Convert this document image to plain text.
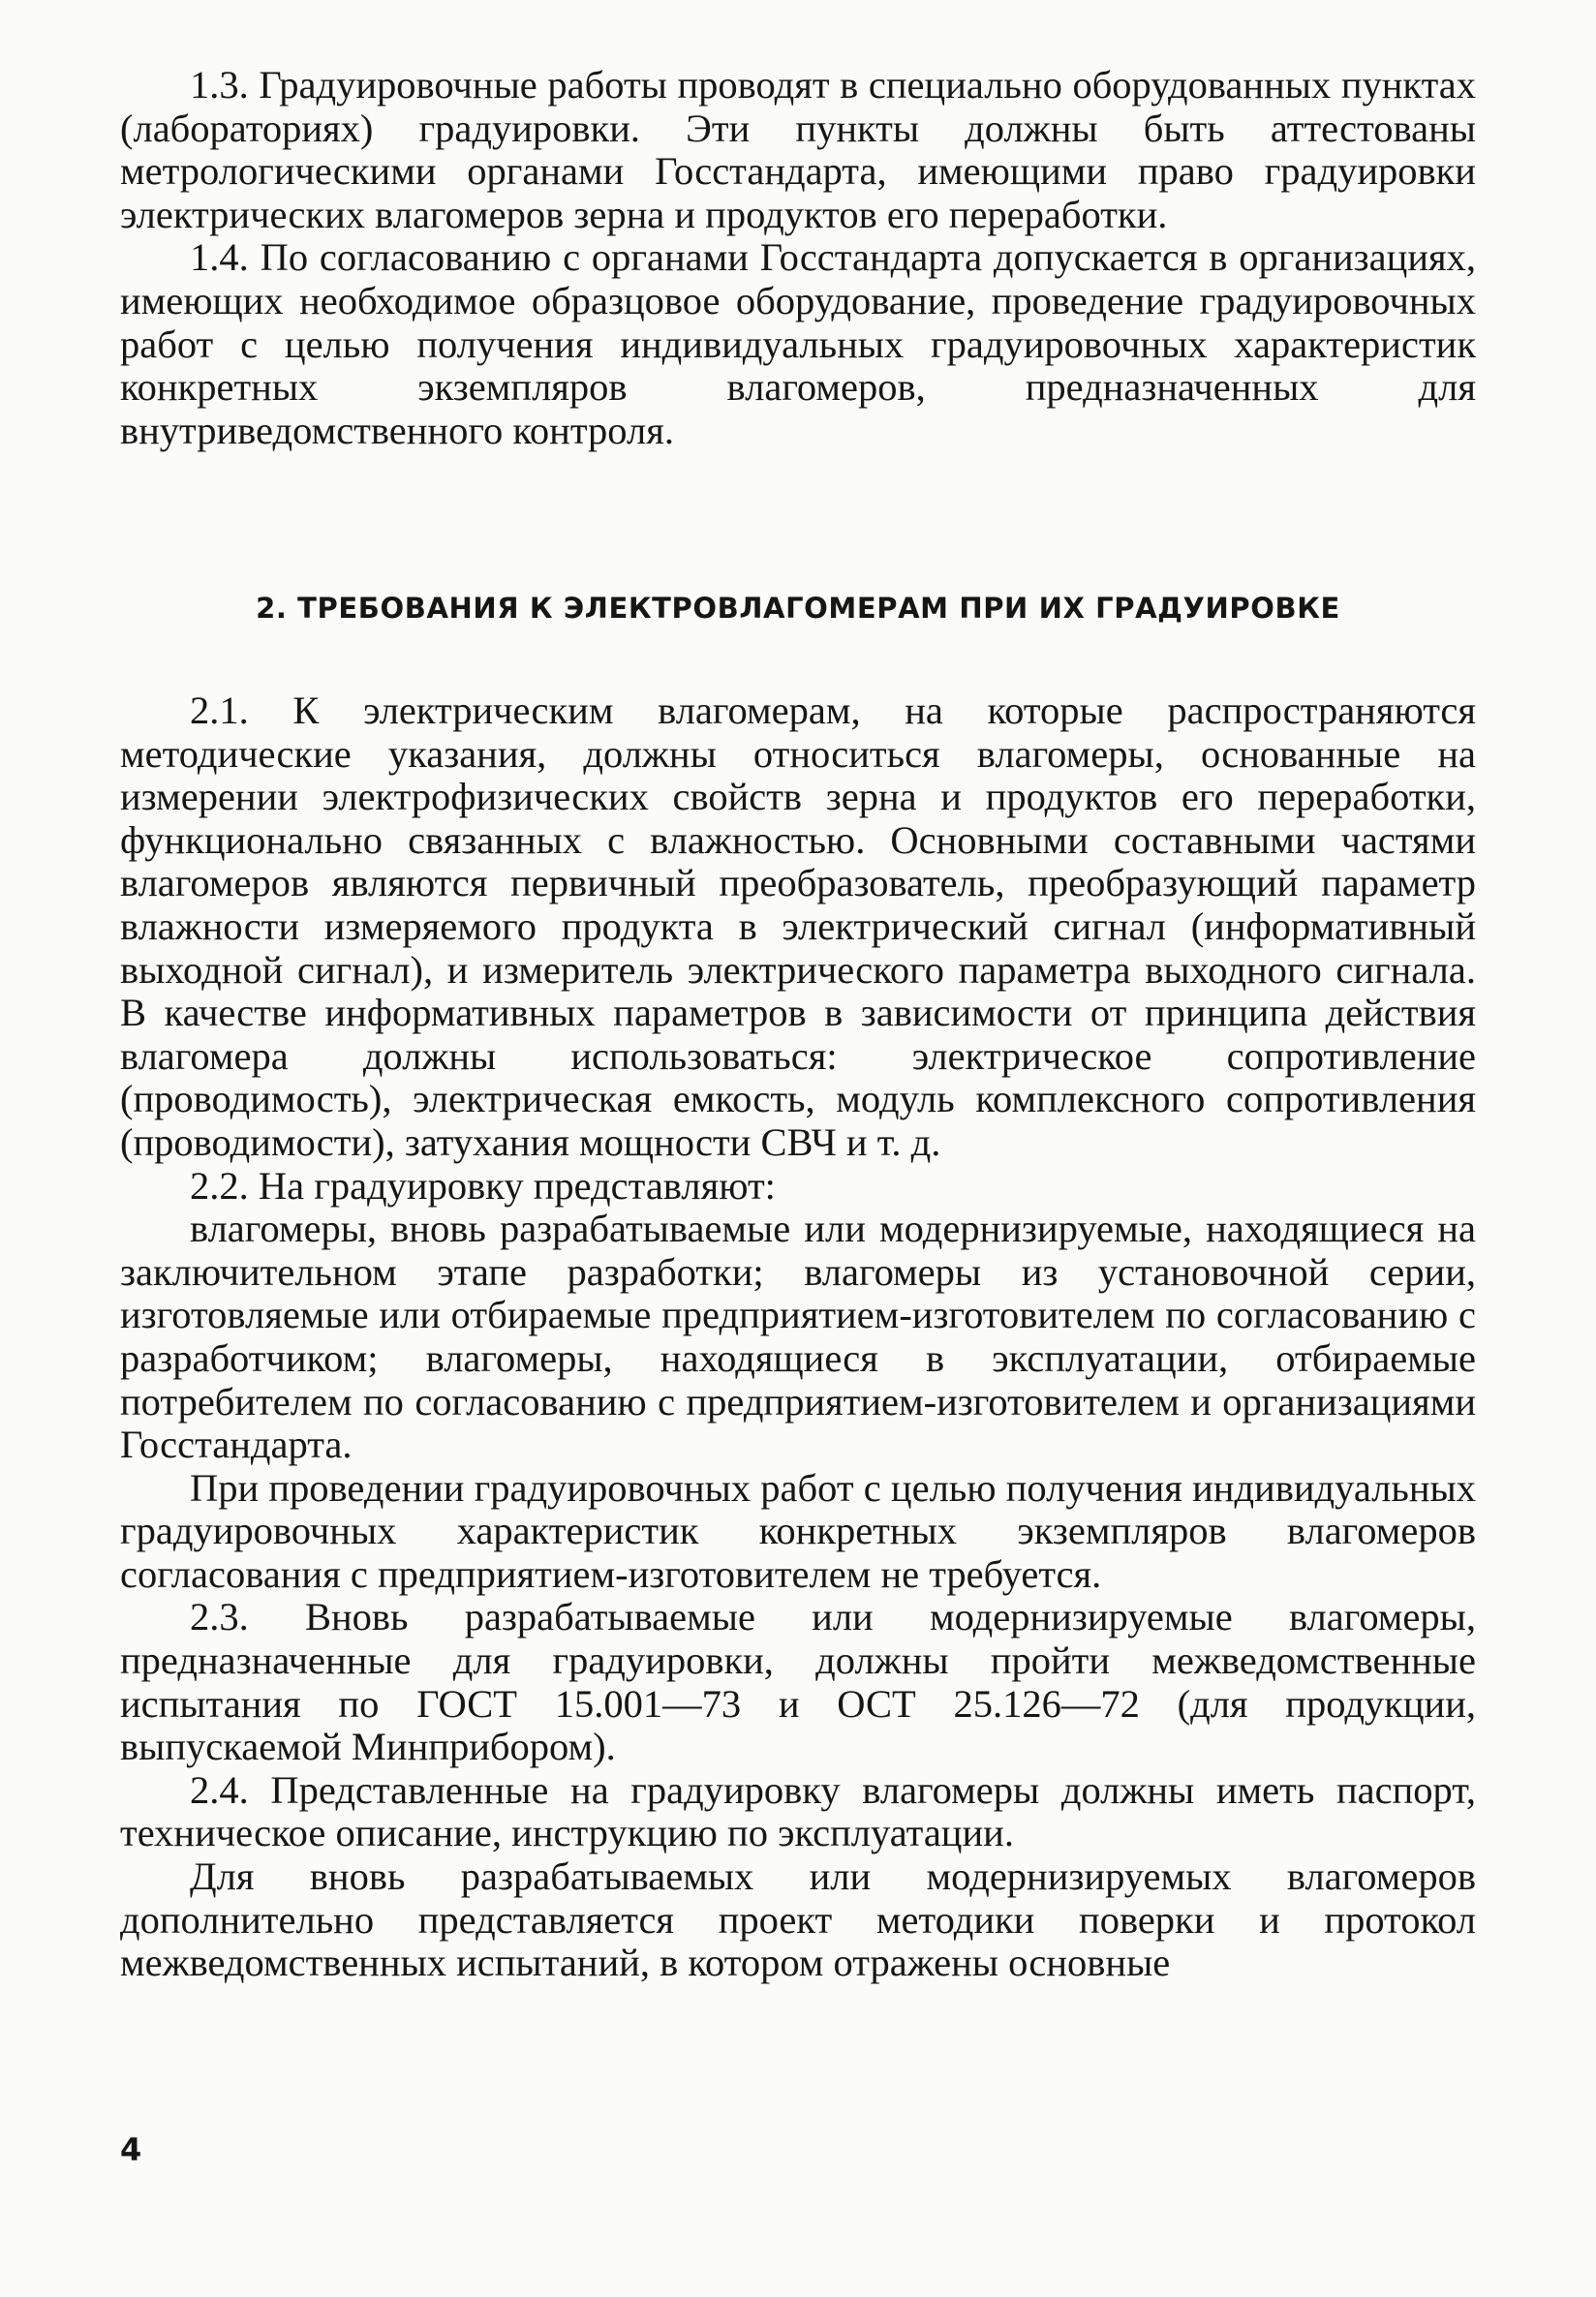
1.3. Градуировочные работы проводят в специально оборудованных пунктах (лабораториях) градуировки. Эти пункты должны быть аттестованы метрологическими органами Госстандарта, имеющими право градуировки электрических влагомеров зерна и продуктов его переработки.

1.4. По согласованию с органами Госстандарта допускается в организациях, имеющих необходимое образцовое оборудование, проведение градуировочных работ с целью получения индивидуальных градуировочных характеристик конкретных экземпляров влагомеров, предназначенных для внутриведомственного контроля.

2. ТРЕБОВАНИЯ К ЭЛЕКТРОВЛАГОМЕРАМ ПРИ ИХ ГРАДУИРОВКЕ

2.1. К электрическим влагомерам, на которые распространяются методические указания, должны относиться влагомеры, основанные на измерении электрофизических свойств зерна и продуктов его переработки, функционально связанных с влажностью. Основными составными частями влагомеров являются первичный преобразователь, преобразующий параметр влажности измеряемого продукта в электрический сигнал (информативный выходной сигнал), и измеритель электрического параметра выходного сигнала. В качестве информативных параметров в зависимости от принципа действия влагомера должны использоваться: электрическое сопротивление (проводимость), электрическая емкость, модуль комплексного сопротивления (проводимости), затухания мощности СВЧ и т. д.

2.2. На градуировку представляют:

влагомеры, вновь разрабатываемые или модернизируемые, находящиеся на заключительном этапе разработки; влагомеры из установочной серии, изготовляемые или отбираемые предприятием-изготовителем по согласованию с разработчиком; влагомеры, находящиеся в эксплуатации, отбираемые потребителем по согласованию с предприятием-изготовителем и организациями Госстандарта.

При проведении градуировочных работ с целью получения индивидуальных градуировочных характеристик конкретных экземпляров влагомеров согласования с предприятием-изготовителем не требуется.

2.3. Вновь разрабатываемые или модернизируемые влагомеры, предназначенные для градуировки, должны пройти межведомственные испытания по ГОСТ 15.001—73 и ОСТ 25.126—72 (для продукции, выпускаемой Минприбором).

2.4. Представленные на градуировку влагомеры должны иметь паспорт, техническое описание, инструкцию по эксплуатации.

Для вновь разрабатываемых или модернизируемых влагомеров дополнительно представляется проект методики поверки и протокол межведомственных испытаний, в котором отражены основные

4
